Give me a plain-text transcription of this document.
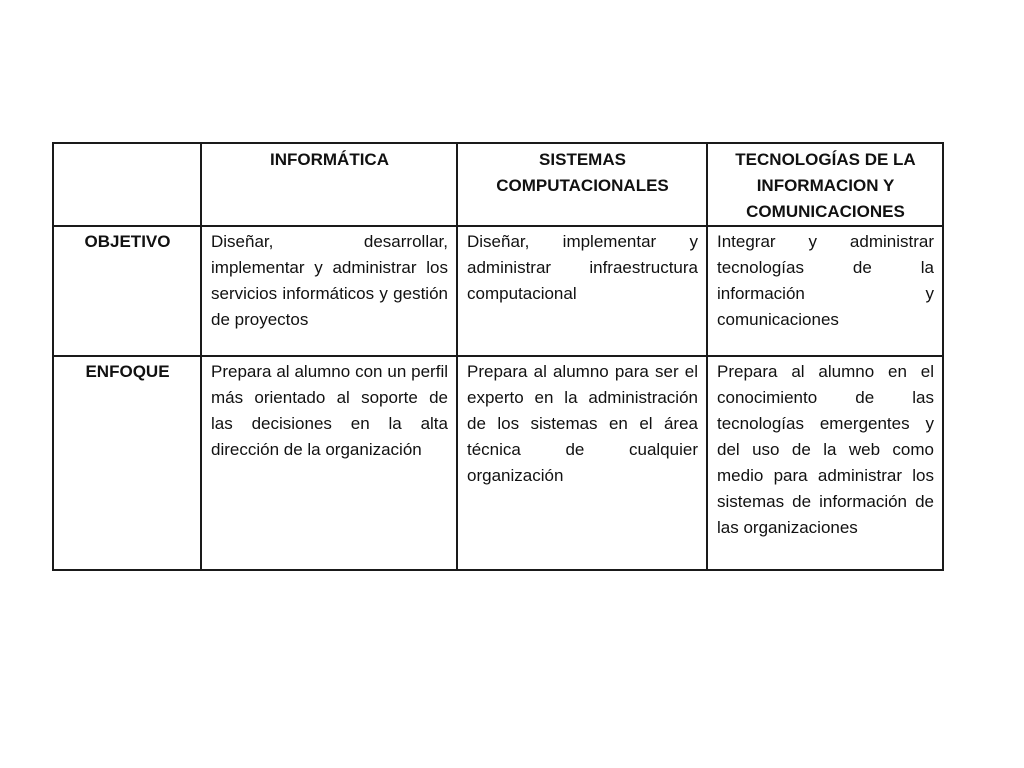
	INFORMÁTICA	SISTEMAS COMPUTACIONALES	TECNOLOGÍAS DE LA INFORMACION Y COMUNICACIONES
OBJETIVO	Diseñar, desarrollar, implementar y administrar los servicios informáticos y gestión de proyectos	Diseñar, implementar y administrar infraestructura computacional	Integrar y administrar tecnologías de la información y comunicaciones
ENFOQUE	Prepara al alumno con un perfil más orientado al soporte de las decisiones en la alta dirección de la organización	Prepara al alumno para ser el experto en la administración de los sistemas en el área técnica de cualquier organización	Prepara al alumno en el conocimiento de las tecnologías emergentes y del uso de la web como medio para administrar los sistemas de información de las organizaciones
